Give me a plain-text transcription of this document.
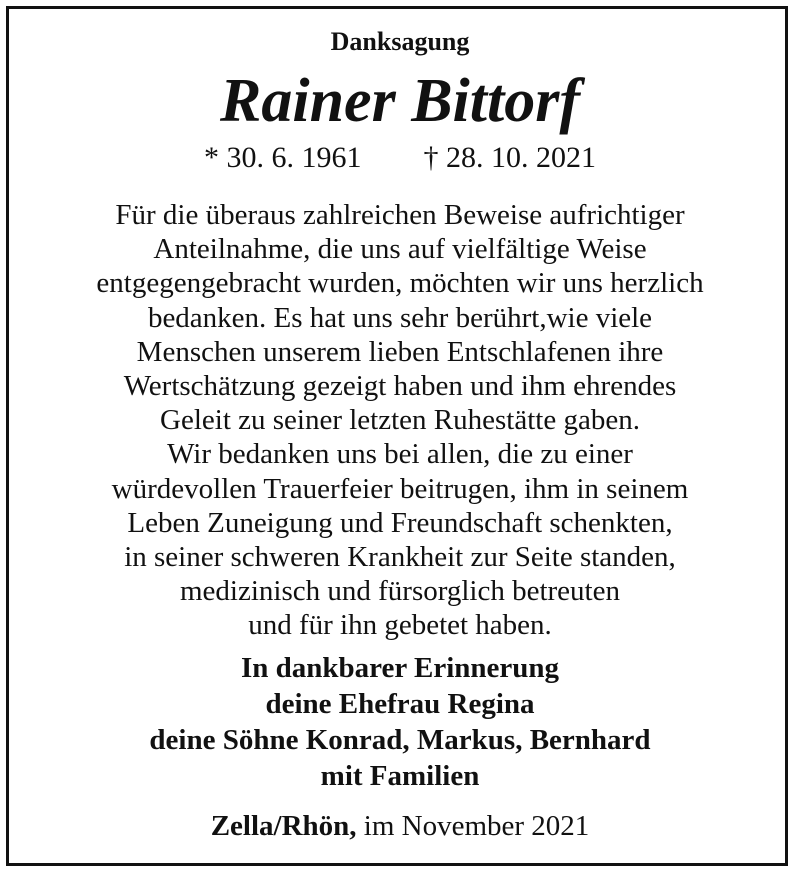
Danksagung
Rainer Bittorf
* 30. 6. 1961 † 28. 10. 2021
Für die überaus zahlreichen Beweise aufrichtiger
Anteilnahme, die uns auf vielfältige Weise
entgegengebracht wurden, möchten wir uns herzlich
bedanken. Es hat uns sehr berührt,wie viele
Menschen unserem lieben Entschlafenen ihre
Wertschätzung gezeigt haben und ihm ehrendes
Geleit zu seiner letzten Ruhestätte gaben.
Wir bedanken uns bei allen, die zu einer
würdevollen Trauerfeier beitrugen, ihm in seinem
Leben Zuneigung und Freundschaft schenkten,
in seiner schweren Krankheit zur Seite standen,
medizinisch und fürsorglich betreuten
und für ihn gebetet haben.
In dankbarer Erinnerung
deine Ehefrau Regina
deine Söhne Konrad, Markus, Bernhard
mit Familien
Zella/Rhön, im November 2021
